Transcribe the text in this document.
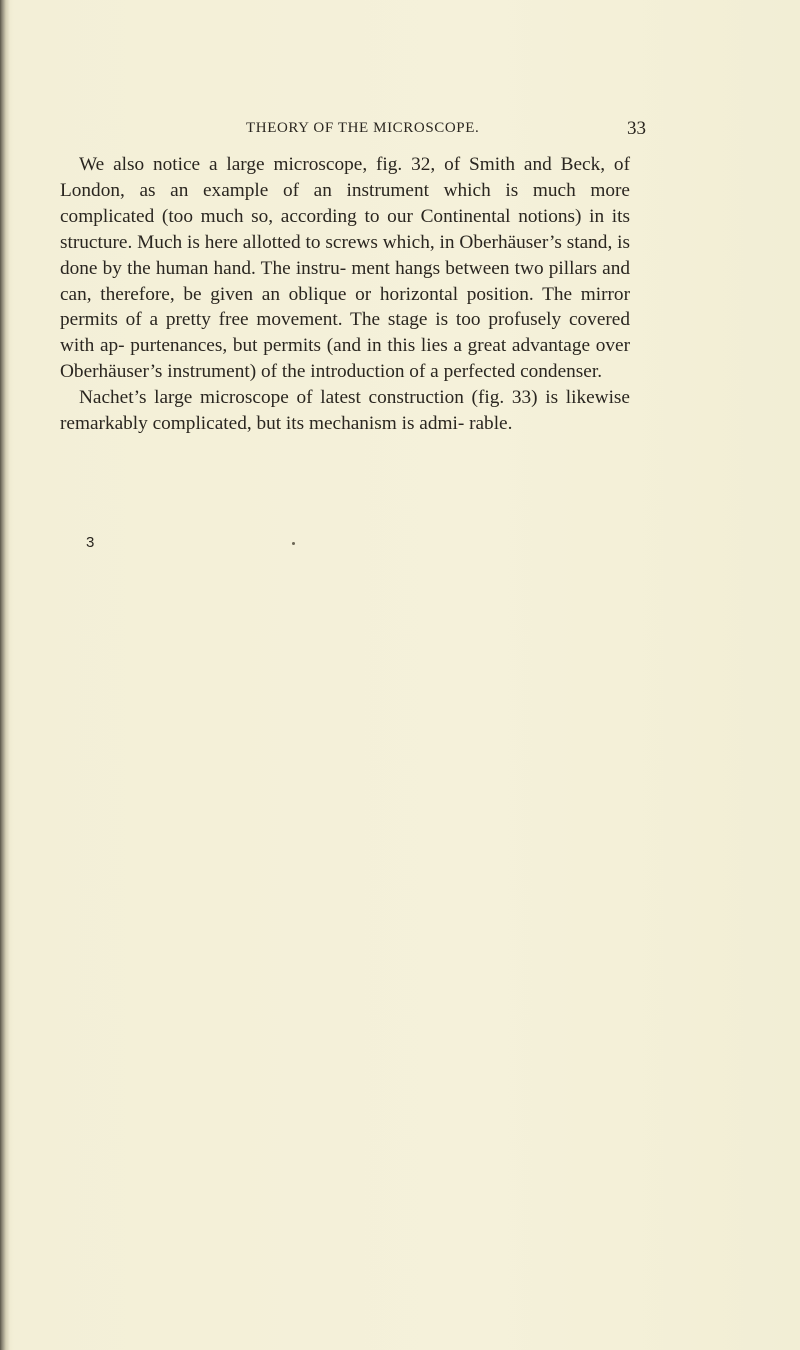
THEORY OF THE MICROSCOPE.	33

We also notice a large microscope, fig. 32, of Smith and Beck, of London, as an example of an instrument which is much more complicated (too much so, according to our Continental notions) in its structure. Much is here allotted to screws which, in Oberhäuser’s stand, is done by the human hand. The instru- ment hangs between two pillars and can, therefore, be given an oblique or horizontal position. The mirror permits of a pretty free movement. The stage is too profusely covered with ap- purtenances, but permits (and in this lies a great advantage over Oberhäuser’s instrument) of the introduction of a perfected condenser.

Nachet’s large microscope of latest construction (fig. 33) is likewise remarkably complicated, but its mechanism is admi- rable.

3
